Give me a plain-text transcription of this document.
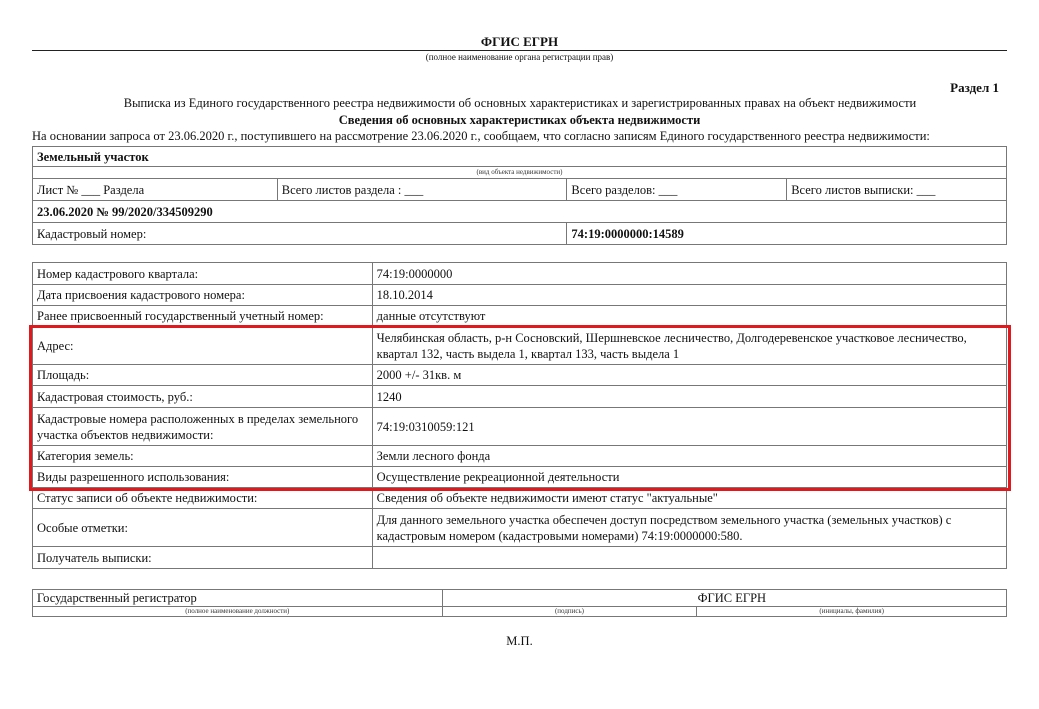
ФГИС ЕГРН
(полное наименование органа регистрации прав)
Раздел 1
Выписка из Единого государственного реестра недвижимости об основных характеристиках и зарегистрированных правах на объект недвижимости
Сведения об основных характеристиках объекта недвижимости
На основании запроса от 23.06.2020 г., поступившего на рассмотрение 23.06.2020 г., сообщаем, что согласно записям Единого государственного реестра недвижимости:
Земельный участок			
(вид объекта недвижимости)			
Лист № ___ Раздела	Всего листов раздела : ___	Всего разделов: ___	Всего листов выписки: ___
23.06.2020 № 99/2020/334509290			
Кадастровый номер:		74:19:0000000:14589	
Номер кадастрового квартала:	74:19:0000000
Дата присвоения кадастрового номера:	18.10.2014
Ранее присвоенный государственный учетный номер:	данные отсутствуют
Адрес:	Челябинская область, р-н Сосновский, Шершневское лесничество, Долгодеревенское участковое лесничество, квартал 132, часть выдела 1, квартал 133, часть выдела 1
Площадь:	2000 +/- 31кв. м
Кадастровая стоимость, руб.:	1240
Кадастровые номера расположенных в пределах земельного участка объектов недвижимости:	74:19:0310059:121
Категория земель:	Земли лесного фонда
Виды разрешенного использования:	Осуществление рекреационной деятельности
Статус записи об объекте недвижимости:	Сведения об объекте недвижимости имеют статус "актуальные"
Особые отметки:	Для данного земельного участка обеспечен доступ посредством земельного участка (земельных участков) с кадастровым номером (кадастровыми номерами) 74:19:0000000:580.
Получатель выписки:	
Государственный регистратор	ФГИС ЕГРН	
(полное наименование должности)	(подпись)	(инициалы, фамилия)
М.П.
